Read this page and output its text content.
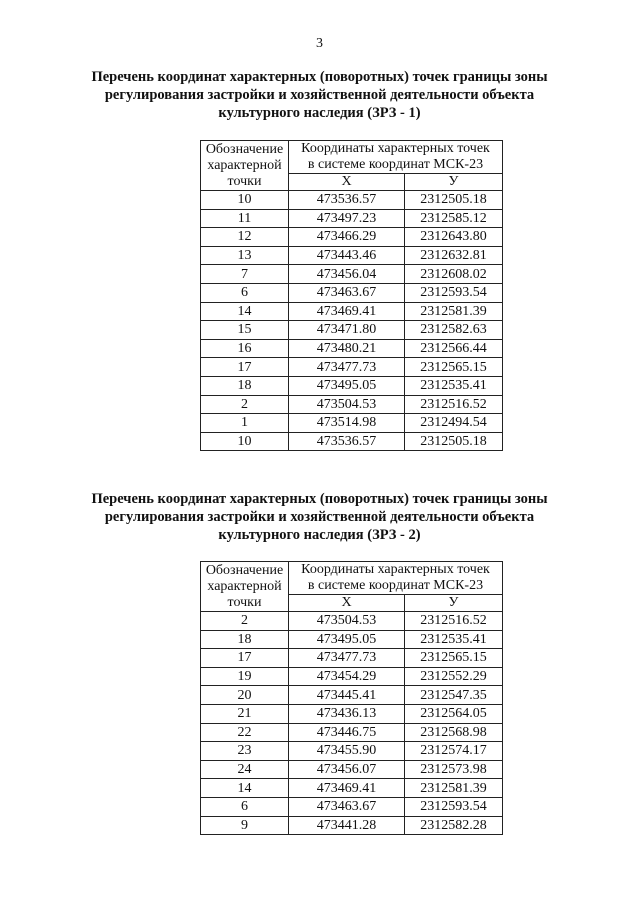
3
Перечень координат характерных (поворотных) точек границы зоны
регулирования застройки и хозяйственной деятельности объекта
культурного наследия (ЗРЗ - 1)
Обозначение
характерной
точки	Координаты характерных точек
в системе координат МСК-23	

	X	У
10	473536.57	2312505.18
11	473497.23	2312585.12
12	473466.29	2312643.80
13	473443.46	2312632.81
7	473456.04	2312608.02
6	473463.67	2312593.54
14	473469.41	2312581.39
15	473471.80	2312582.63
16	473480.21	2312566.44
17	473477.73	2312565.15
18	473495.05	2312535.41
2	473504.53	2312516.52
1	473514.98	2312494.54
10	473536.57	2312505.18
Перечень координат характерных (поворотных) точек границы зоны
регулирования застройки и хозяйственной деятельности объекта
культурного наследия (ЗРЗ - 2)
Обозначение
характерной
точки	Координаты характерных точек
в системе координат МСК-23	

	X	У
2	473504.53	2312516.52
18	473495.05	2312535.41
17	473477.73	2312565.15
19	473454.29	2312552.29
20	473445.41	2312547.35
21	473436.13	2312564.05
22	473446.75	2312568.98
23	473455.90	2312574.17
24	473456.07	2312573.98
14	473469.41	2312581.39
6	473463.67	2312593.54
9	473441.28	2312582.28
